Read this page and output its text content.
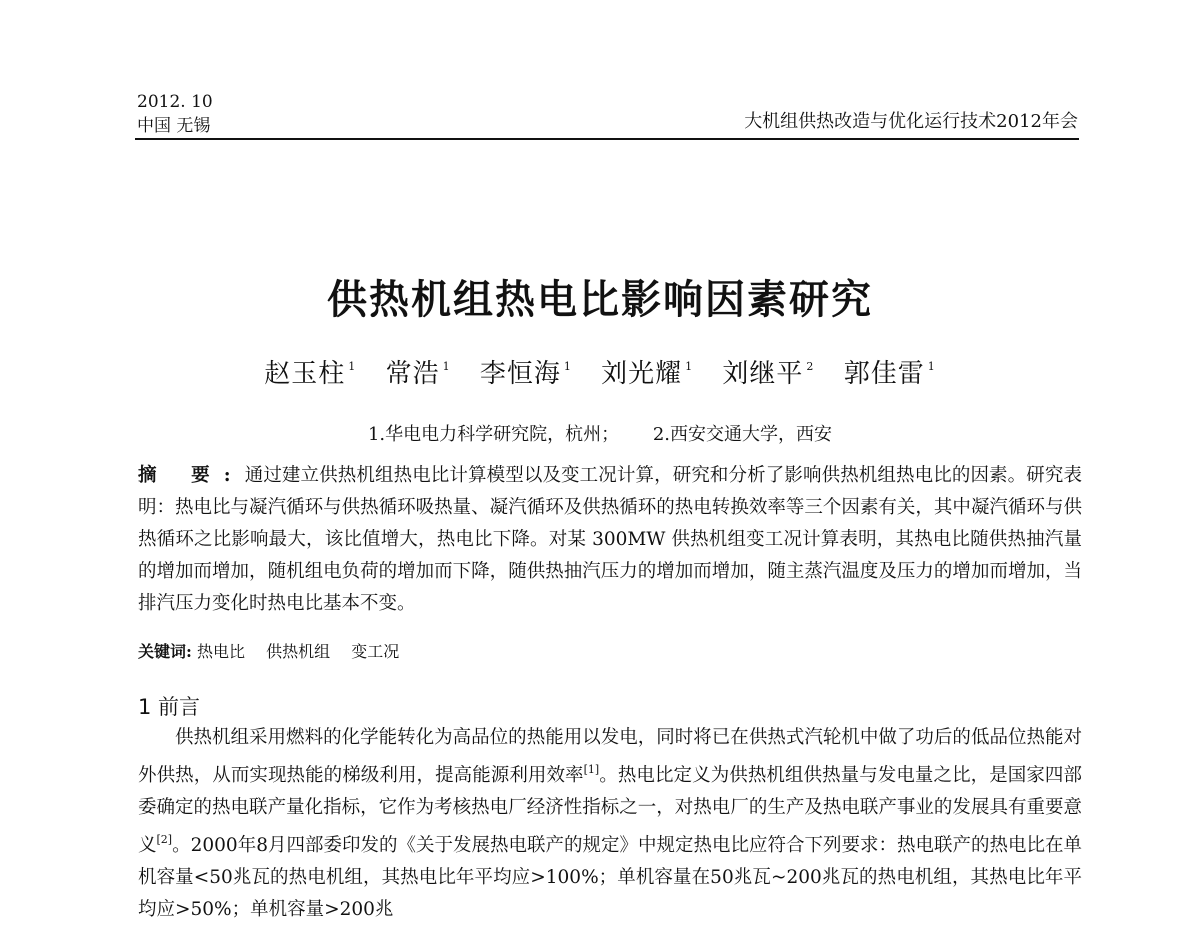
2012. 10
中国 无锡	大机组供热改造与优化运行技术2012年会
供热机组热电比影响因素研究
赵玉柱 $^1$ 常浩 $^1$ 李恒海 $^1$ 刘光耀 $^1$ 刘继平 $^2$ 郭佳雷 $^1$
1.华电电力科学研究院，杭州； 2.西安交通大学，西安
摘 要:通过建立供热机组热电比计算模型以及变工况计算，研究和分析了影响供热机组热电比的因素。研究表明：热电比与凝汽循环与供热循环吸热量、凝汽循环及供热循环的热电转换效率等三个因素有关，其中凝汽循环与供热循环之比影响最大，该比值增大，热电比下降。对某 300MW 供热机组变工况计算表明，其热电比随供热抽汽量的增加而增加，随机组电负荷的增加而下降，随供热抽汽压力的增加而增加，随主蒸汽温度及压力的增加而增加，当排汽压力变化时热电比基本不变。
关键词: 热电比 供热机组 变工况
1 前言
供热机组采用燃料的化学能转化为高品位的热能用以发电，同时将已在供热式汽轮机中做了功后的低品位热能对外供热，从而实现热能的梯级利用，提高能源利用效率[1]。热电比定义为供热机组供热量与发电量之比，是国家四部委确定的热电联产量化指标，它作为考核热电厂经济性指标之一，对热电厂的生产及热电联产事业的发展具有重要意义[2]。2000年8月四部委印发的《关于发展热电联产的规定》中规定热电比应符合下列要求：热电联产的热电比在单机容量<50兆瓦的热电机组，其热电比年平均应>100%；单机容量在50兆瓦~200兆瓦的热电机组，其热电比年平均应>50%；单机容量>200兆
